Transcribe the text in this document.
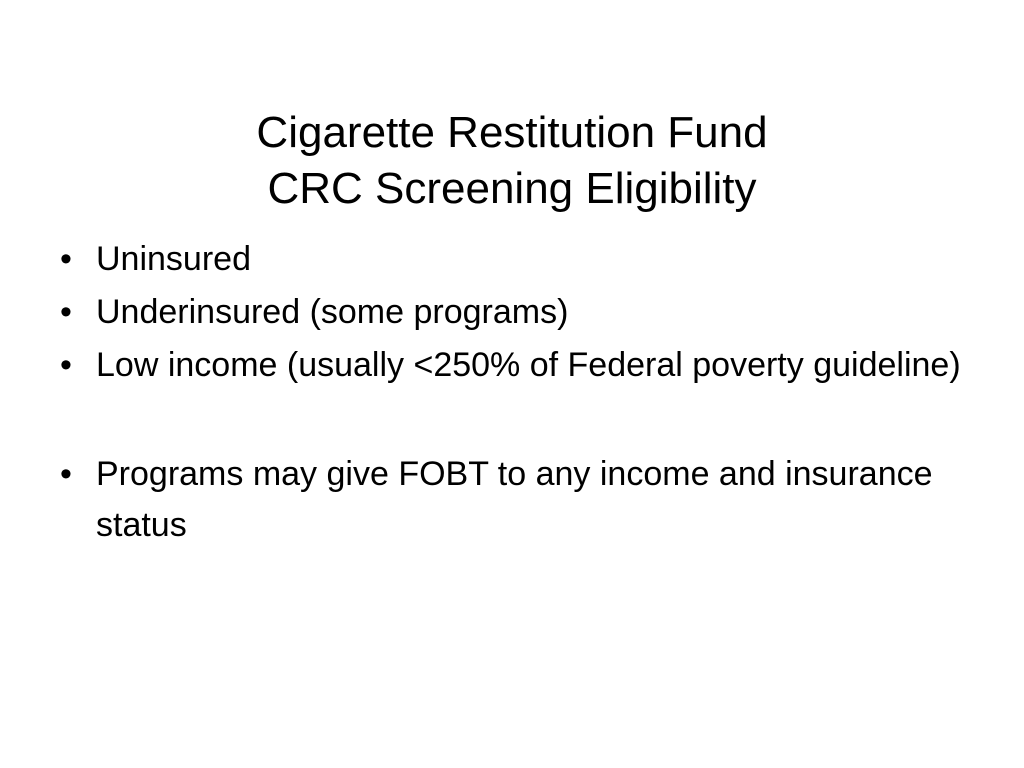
Cigarette Restitution Fund
CRC Screening Eligibility
• Uninsured
• Underinsured (some programs)
• Low income (usually <250% of Federal poverty guideline)
• Programs may give FOBT to any income and insurance status
